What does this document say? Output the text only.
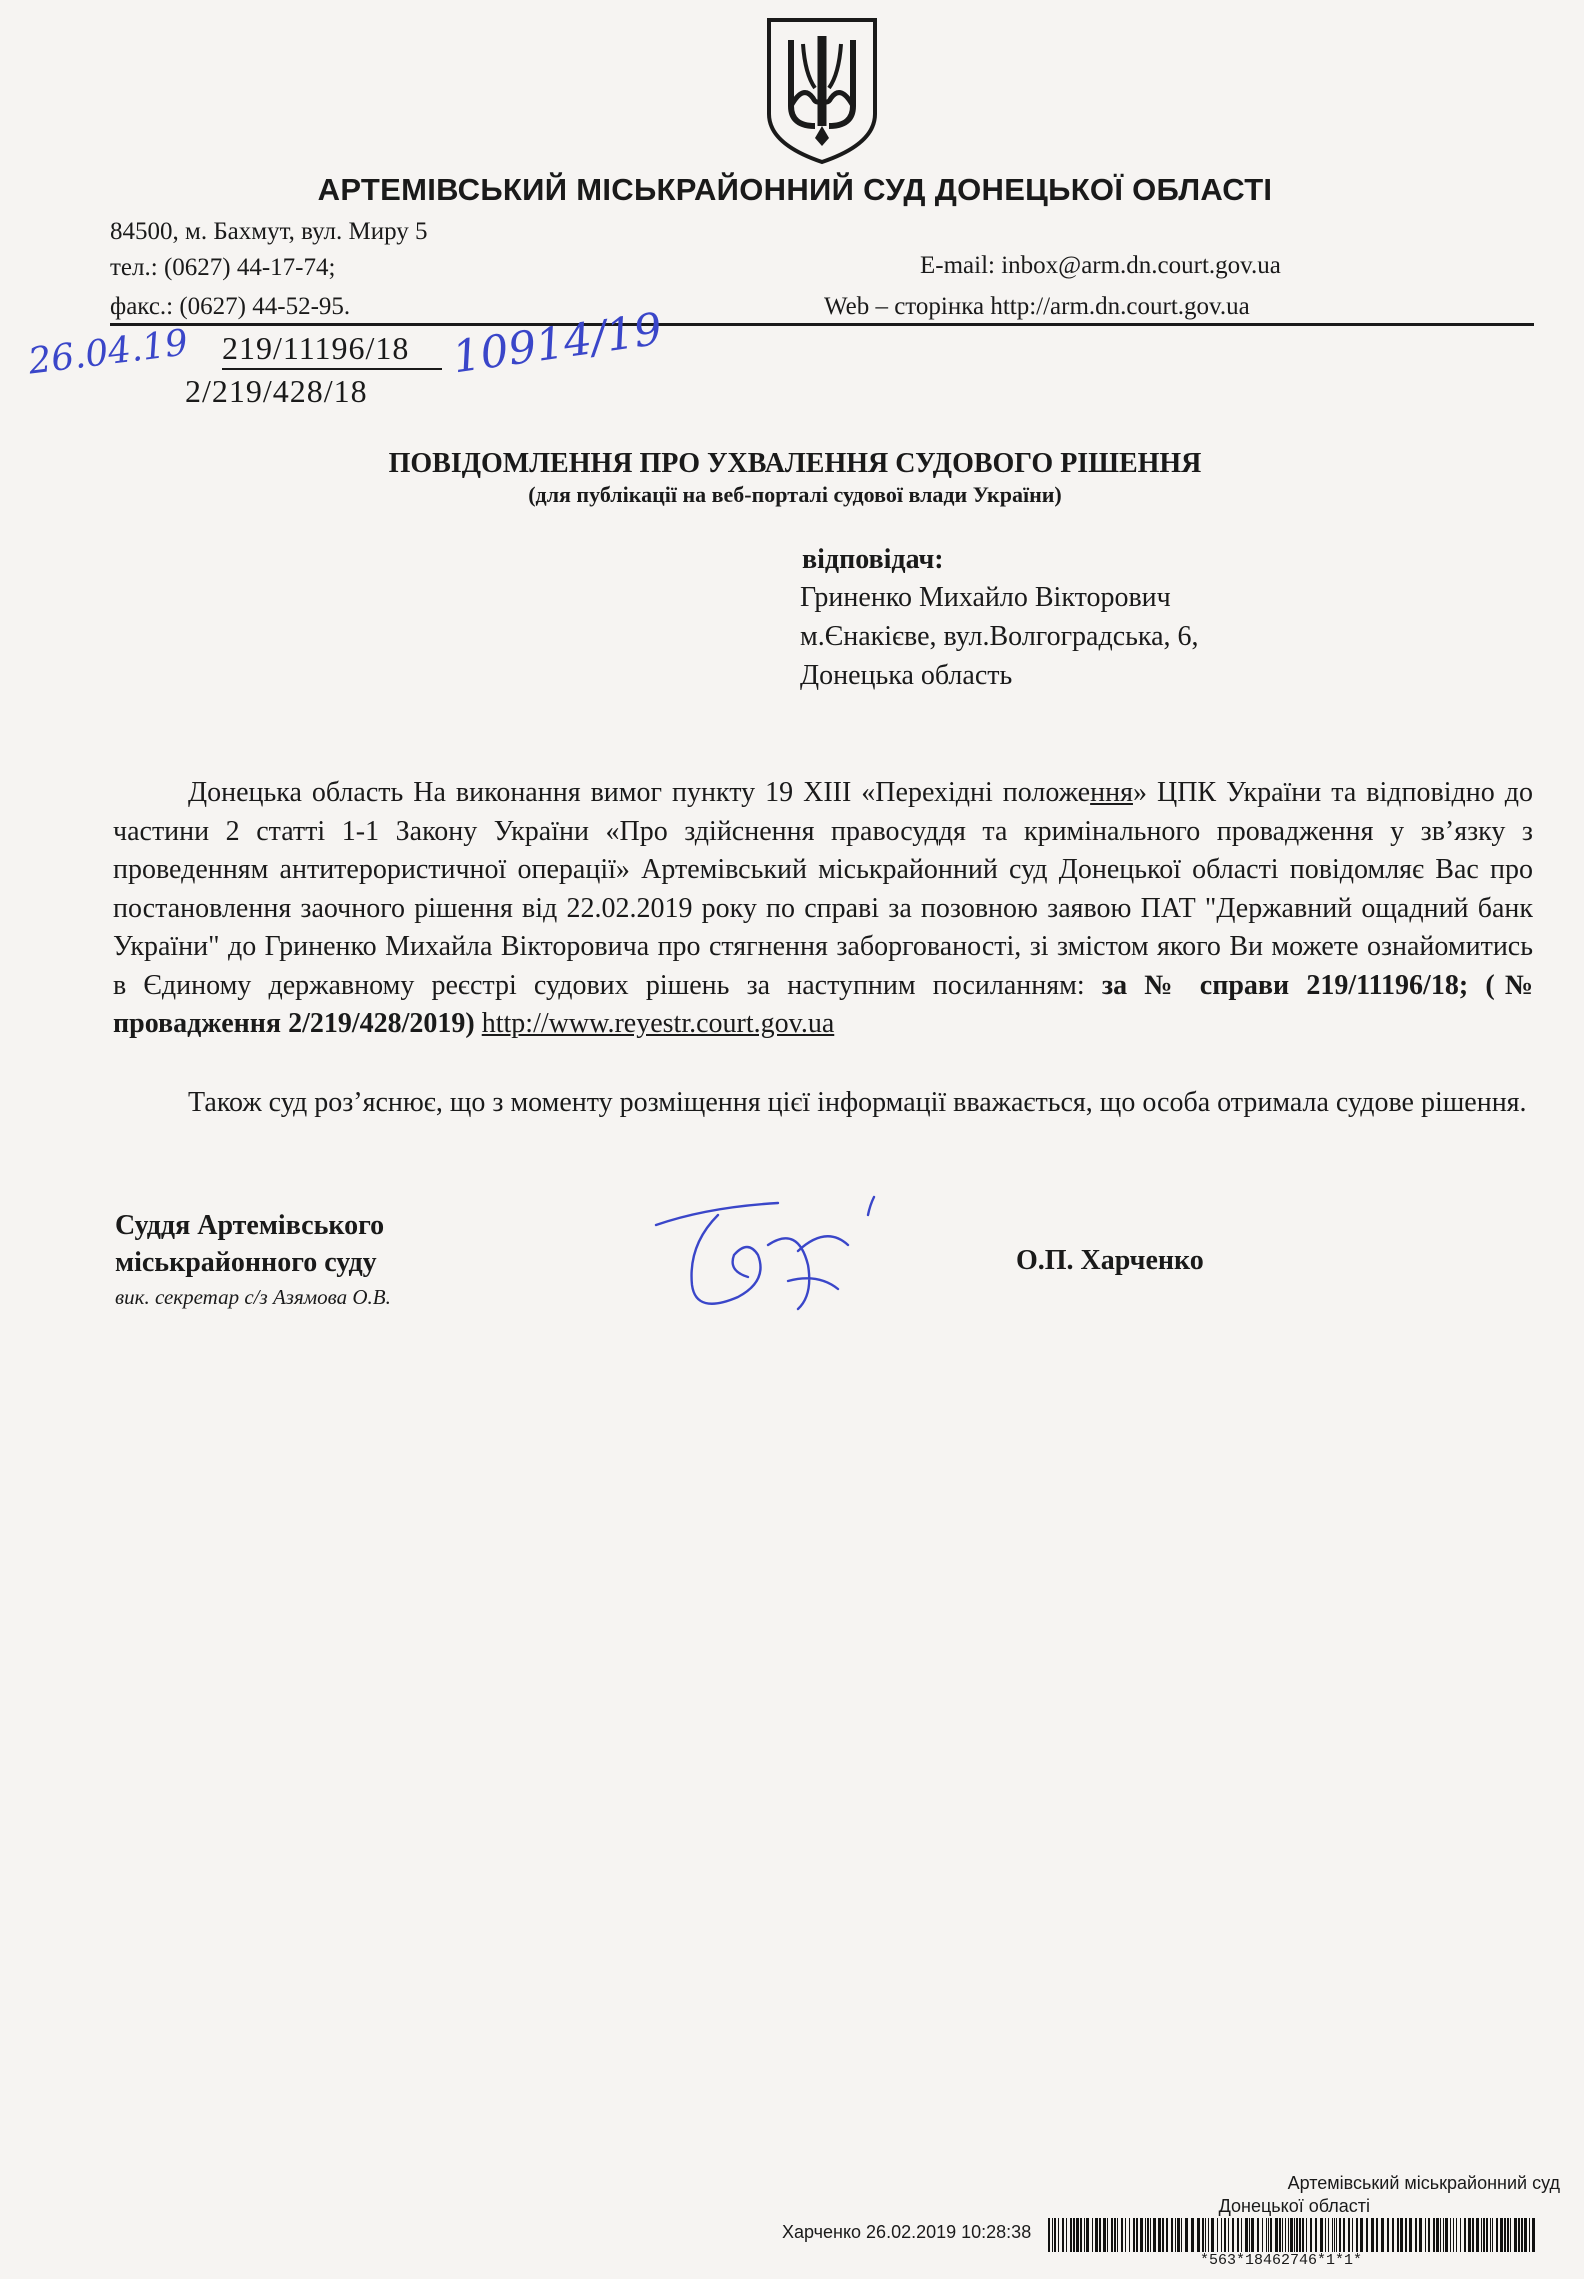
АРТЕМІВСЬКИЙ МІСЬКРАЙОННИЙ СУД ДОНЕЦЬКОЇ ОБЛАСТІ
84500, м. Бахмут, вул. Миру 5
тел.: (0627) 44-17-74;
факс.: (0627) 44-52-95.
E-mail: inbox@arm.dn.court.gov.ua
Web – сторінка http://arm.dn.court.gov.ua
219/11196/18
2/219/428/18
26.04.19	10914/19
ПОВІДОМЛЕННЯ ПРО УХВАЛЕННЯ СУДОВОГО РІШЕННЯ
(для публікації на веб-порталі судової влади України)
відповідач:
Гриненко Михайло Вікторович
м.Єнакієве, вул.Волгоградська, 6,
Донецька область

Донецька область На виконання вимог пункту 19 XIII «Перехідні положення» ЦПК України та відповідно до частини 2 статті 1-1 Закону України «Про здійснення правосуддя та кримінального провадження у зв’язку з проведенням антитерористичної операції» Артемівський міськрайонний суд Донецької області повідомляє Вас про постановлення заочного рішення від 22.02.2019 року по справі за позовною заявою ПАТ "Державний ощадний банк України" до Гриненко Михайла Вікторовича про стягнення заборгованості, зі змістом якого Ви можете ознайомитись в Єдиному державному реєстрі судових рішень за наступним посиланням: за № справи 219/11196/18; (№ провадження 2/219/428/2019) http://www.reyestr.court.gov.ua

Також суд роз’яснює, що з моменту розміщення цієї інформації вважається, що особа отримала судове рішення.

Суддя Артемівського
міськрайонного суду
вик. секретар с/з Азямова О.В.
О.П. Харченко
Артемівський міськрайонний суд
Донецької області
Харченко 26.02.2019 10:28:38
*563*18462746*1*1*
